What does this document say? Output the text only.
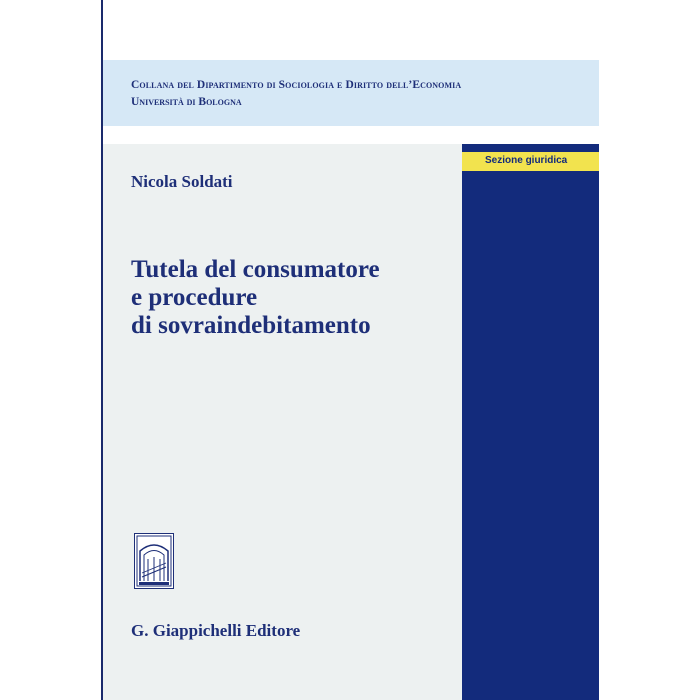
Collana del Dipartimento di Sociologia e Diritto dell’Economia
Università di Bologna
Sezione giuridica
Nicola Soldati
Tutela del consumatore
e procedure
di sovraindebitamento
G. Giappichelli Editore
